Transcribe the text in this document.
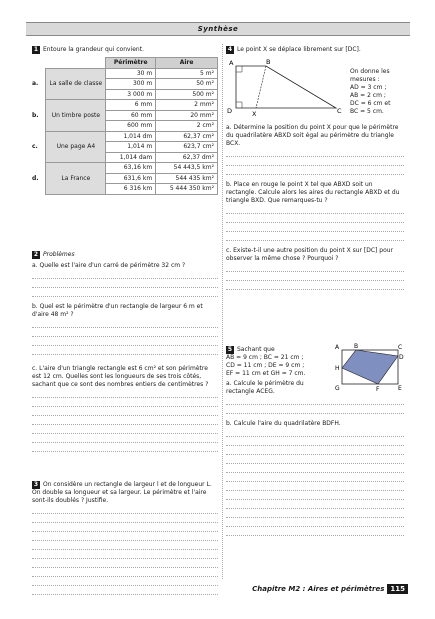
Synthèse
1 Entoure la grandeur qui convient.
		Périmètre	Aire
a.	La salle de classe	30 m	5 m²
		300 m	50 m²
		3 000 m	500 m²
b.	Un timbre poste	6 mm	2 mm²
		60 mm	20 mm²
		600 mm	2 cm²
c.	Une page A4	1,014 dm	62,37 cm²
		1,014 m	623,7 cm²
		1,014 dam	62,37 dm²
d.	La France	63,16 km	54 443,5 km²
		631,6 km	544 435 km²
		6 316 km	5 444 350 km²
2 Problèmes
a. Quelle est l'aire d'un carré de périmètre 32 cm ?
b. Quel est le périmètre d'un rectangle de largeur 6 m et d'aire 48 m² ?
c. L'aire d'un triangle rectangle est 6 cm² et son périmètre est 12 cm. Quelles sont les longueurs de ses trois côtés, sachant que ce sont des nombres entiers de centimètres ?
3 On considère un rectangle de largeur l et de longueur L. On double sa longueur et sa largeur. Le périmètre et l'aire sont-ils doublés ? Justifie.
4 Le point X se déplace librement sur [DC].
A	B
C
D	X
On donne les mesures :
AD = 3 cm ;
AB = 2 cm ;
DC = 6 cm et
BC = 5 cm.
a. Détermine la position du point X pour que le périmètre du quadrilatère ABXD soit égal au périmètre du triangle BCX.
b. Place en rouge le point X tel que ABXD soit un rectangle. Calcule alors les aires du rectangle ABXD et du triangle BXD. Que remarques-tu ?
c. Existe-t-il une autre position du point X sur [DC] pour observer la même chose ? Pourquoi ?
5 Sachant que
AB = 9 cm ; BC = 21 cm ;
CD = 11 cm ; DE = 9 cm ;
EF = 11 cm et GH = 7 cm.
A B	C
D
E
F
G
H
a. Calcule le périmètre du rectangle ACEG.
b. Calcule l'aire du quadrilatère BDFH.
Chapitre M2 : Aires et périmètres 115
